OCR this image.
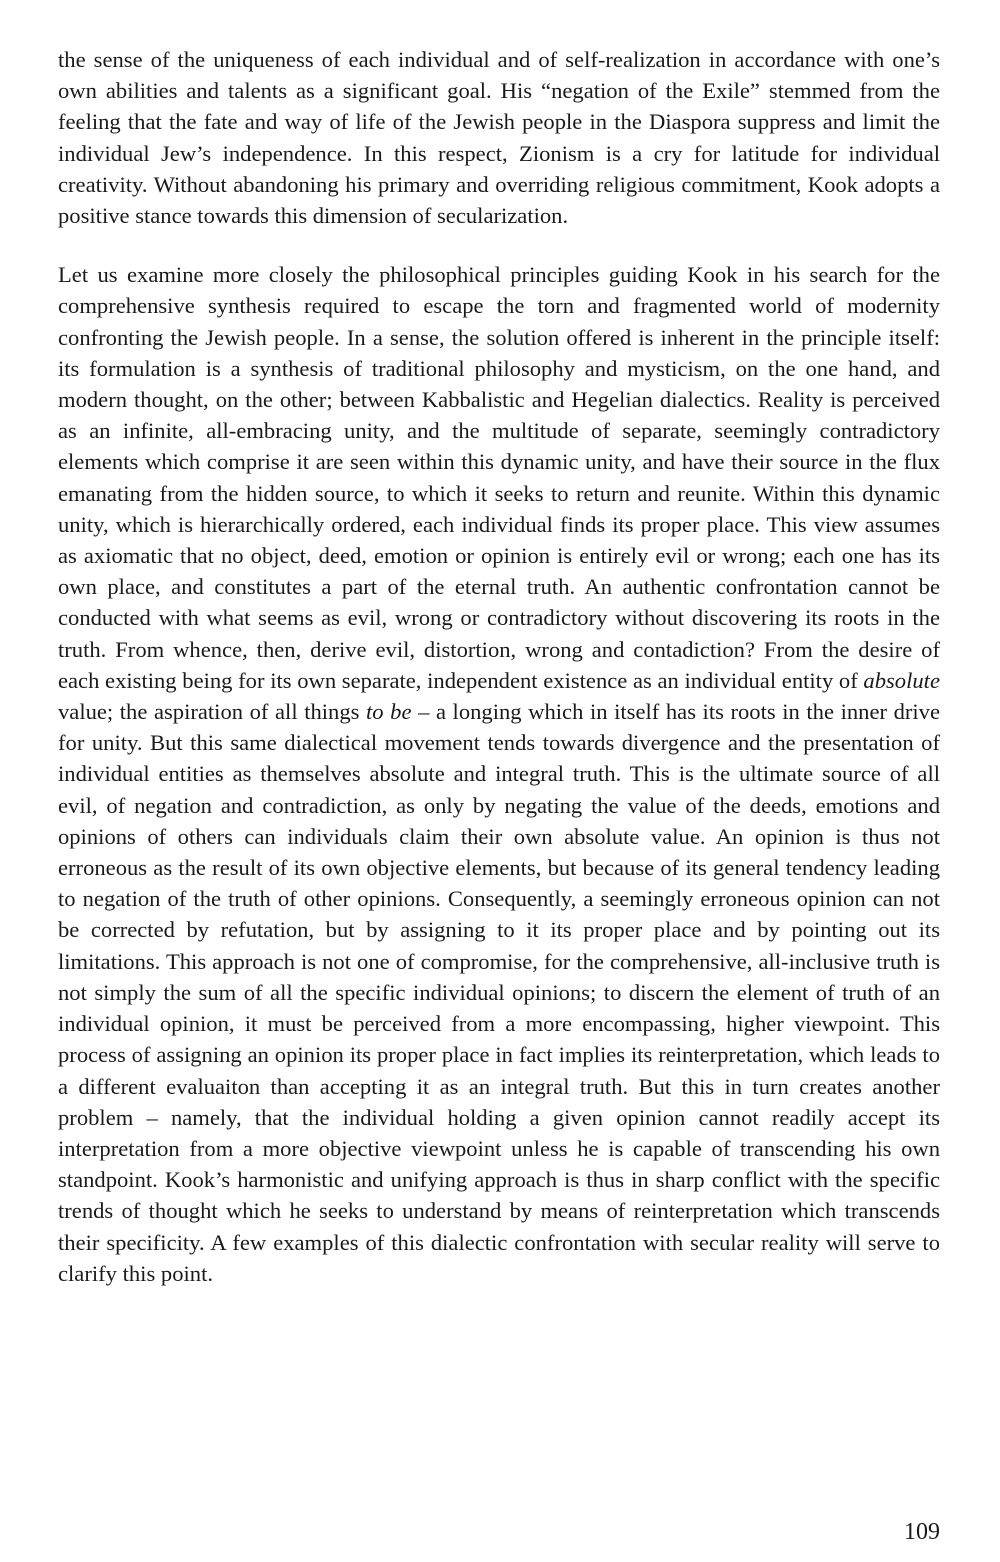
the sense of the uniqueness of each individual and of self-realization in accordance with one’s own abilities and talents as a significant goal. His “negation of the Exile” stemmed from the feeling that the fate and way of life of the Jewish people in the Diaspora suppress and limit the individual Jew’s independence. In this respect, Zionism is a cry for latitude for individual creativity. Without abandoning his primary and overriding religious commitment, Kook adopts a positive stance towards this dimension of secularization.

Let us examine more closely the philosophical principles guiding Kook in his search for the comprehensive synthesis required to escape the torn and fragmented world of modernity confronting the Jewish people. In a sense, the solution offered is inherent in the principle itself: its formulation is a synthesis of traditional philosophy and mysticism, on the one hand, and modern thought, on the other; between Kabbalistic and Hegelian dialectics. Reality is perceived as an infinite, all-embracing unity, and the multitude of separate, seemingly contradictory elements which comprise it are seen within this dynamic unity, and have their source in the flux emanating from the hidden source, to which it seeks to return and reunite. Within this dynamic unity, which is hierarchically ordered, each individual finds its proper place. This view assumes as axiomatic that no object, deed, emotion or opinion is entirely evil or wrong; each one has its own place, and constitutes a part of the eternal truth. An authentic confrontation cannot be conducted with what seems as evil, wrong or contradictory without discovering its roots in the truth. From whence, then, derive evil, distortion, wrong and contadiction? From the desire of each existing being for its own separate, independent existence as an individual entity of absolute value; the aspiration of all things to be – a longing which in itself has its roots in the inner drive for unity. But this same dialectical movement tends towards divergence and the presentation of individual entities as themselves absolute and integral truth. This is the ultimate source of all evil, of negation and contradiction, as only by negating the value of the deeds, emotions and opinions of others can individuals claim their own absolute value. An opinion is thus not erroneous as the result of its own objective elements, but because of its general tendency leading to negation of the truth of other opinions. Consequently, a seemingly erroneous opinion can not be corrected by refutation, but by assigning to it its proper place and by pointing out its limitations. This approach is not one of compromise, for the comprehensive, all-inclusive truth is not simply the sum of all the specific individual opinions; to discern the element of truth of an individual opinion, it must be perceived from a more encompassing, higher viewpoint. This process of assigning an opinion its proper place in fact implies its reinterpretation, which leads to a different evaluaiton than accepting it as an integral truth. But this in turn creates another problem – namely, that the individual holding a given opinion cannot readily accept its interpretation from a more objective viewpoint unless he is capable of transcending his own standpoint. Kook’s harmonistic and unifying approach is thus in sharp conflict with the specific trends of thought which he seeks to understand by means of reinterpretation which transcends their specificity. A few examples of this dialectic confrontation with secular reality will serve to clarify this point.

109
